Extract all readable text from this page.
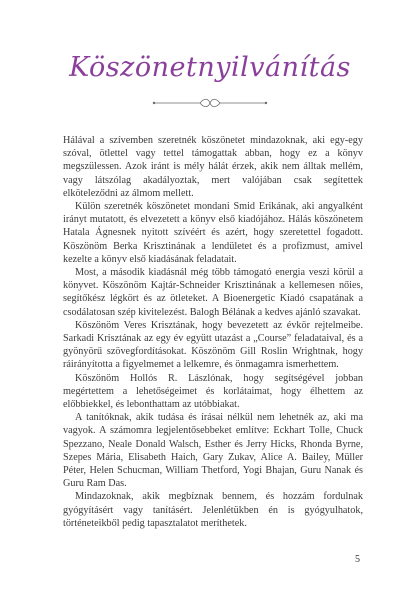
Köszönetnyilvánítás

Hálával a szívemben szeretnék köszönetet mindazoknak, aki egy-egy szóval, ötlettel vagy tettel támogattak abban, hogy ez a könyv megszülessen. Azok iránt is mély hálát érzek, akik nem álltak mellém, vagy látszólag akadályoztak, mert valójában csak segítettek elköteleződni az álmom mellett.

Külön szeretnék köszönetet mondani Smid Erikának, aki angyalként irányt mutatott, és elvezetett a könyv első kiadójához. Hálás köszönetem Hatala Ágnesnek nyitott szívéért és azért, hogy szeretettel fogadott. Köszönöm Berka Krisztinának a lendületet és a profizmust, amivel kezelte a könyv első kiadásának feladatait.

Most, a második kiadásnál még több támogató energia veszi körül a könyvet. Köszönöm Kajtár-Schneider Krisztinának a kellemesen nőies, segítőkész légkört és az ötleteket. A Bioenergetic Kiadó csapatának a csodálatosan szép kivitelezést. Balogh Bélának a kedves ajánló szavakat.

Köszönöm Veres Krisztának, hogy bevezetett az évkör rejtelmeibe. Sarkadi Krisztának az egy év együtt utazást a „Course” feladataival, és a gyönyörű szövegfordításokat. Köszönöm Gill Roslin Wrightnak, hogy ráirányította a figyelmemet a lelkemre, és önmagamra ismerhettem.

Köszönöm Hollós R. Lászlónak, hogy segítségével jobban megértettem a lehetőségeimet és korlátaimat, hogy élhettem az előbbiekkel, és lebonthattam az utóbbiakat.

A tanítóknak, akik tudása és írásai nélkül nem lehetnék az, aki ma vagyok. A számomra legjelentősebbeket említve: Eckhart Tolle, Chuck Spezzano, Neale Donald Walsch, Esther és Jerry Hicks, Rhonda Byrne, Szepes Mária, Elisabeth Haich, Gary Zukav, Alice A. Bailey, Müller Péter, Helen Schucman, William Thetford, Yogi Bhajan, Guru Nanak és Guru Ram Das.

Mindazoknak, akik megbíznak bennem, és hozzám fordulnak gyógyításért vagy tanításért. Jelenlétükben én is gyógyulhatok, történeteikből pedig tapasztalatot meríthetek.

5
